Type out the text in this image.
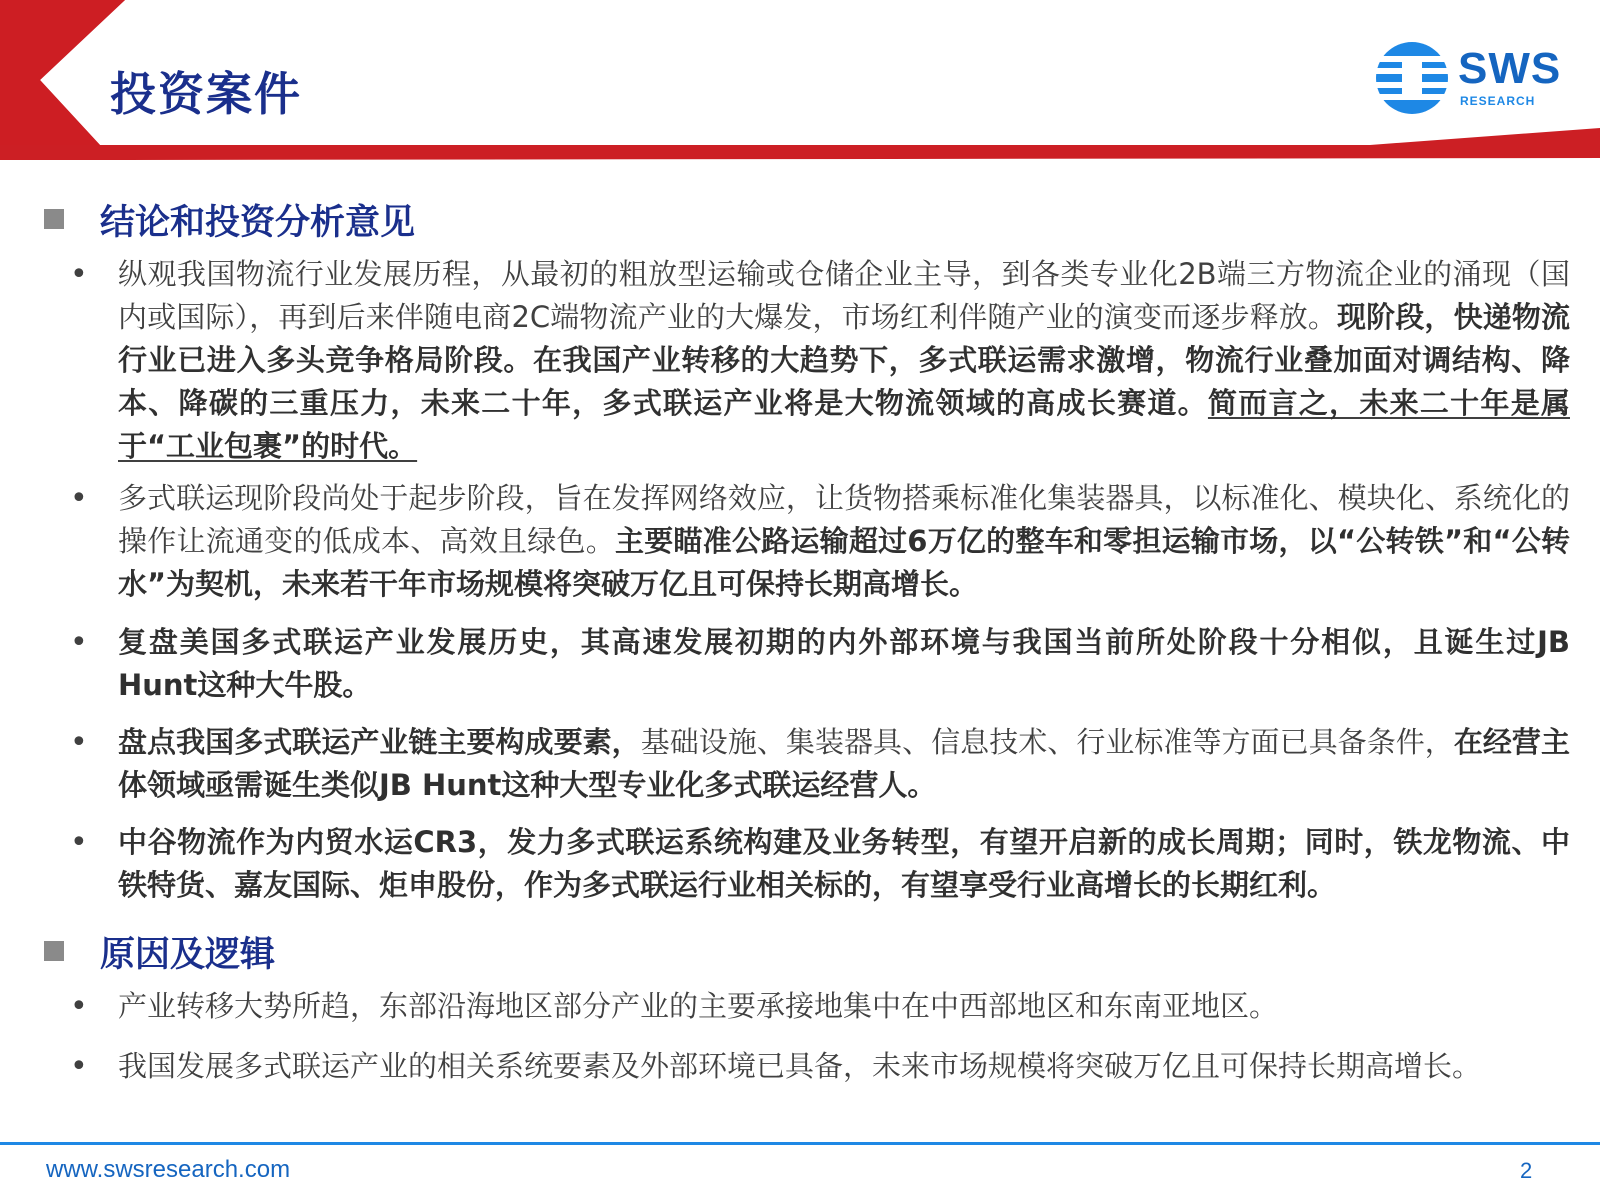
投资案件	SWS
RESEARCH
结论和投资分析意见
• 纵观我国物流行业发展历程，从最初的粗放型运输或仓储企业主导，到各类专业化2B端三方物流企业的涌现（国内或国际），再到后来伴随电商2C端物流产业的大爆发，市场红利伴随产业的演变而逐步释放。现阶段，快递物流行业已进入多头竞争格局阶段。在我国产业转移的大趋势下，多式联运需求激增，物流行业叠加面对调结构、降本、降碳的三重压力，未来二十年，多式联运产业将是大物流领域的高成长赛道。简而言之，未来二十年是属于“工业包裹”的时代。
• 多式联运现阶段尚处于起步阶段，旨在发挥网络效应，让货物搭乘标准化集装器具，以标准化、模块化、系统化的操作让流通变的低成本、高效且绿色。主要瞄准公路运输超过6万亿的整车和零担运输市场，以“公转铁”和“公转水”为契机，未来若干年市场规模将突破万亿且可保持长期高增长。
• 复盘美国多式联运产业发展历史，其高速发展初期的内外部环境与我国当前所处阶段十分相似，且诞生过JB Hunt这种大牛股。
• 盘点我国多式联运产业链主要构成要素，基础设施、集装器具、信息技术、行业标准等方面已具备条件，在经营主体领域亟需诞生类似JB Hunt这种大型专业化多式联运经营人。
• 中谷物流作为内贸水运CR3，发力多式联运系统构建及业务转型，有望开启新的成长周期；同时，铁龙物流、中铁特货、嘉友国际、炬申股份，作为多式联运行业相关标的，有望享受行业高增长的长期红利。
原因及逻辑
• 产业转移大势所趋，东部沿海地区部分产业的主要承接地集中在中西部地区和东南亚地区。
• 我国发展多式联运产业的相关系统要素及外部环境已具备，未来市场规模将突破万亿且可保持长期高增长。
www.swsresearch.com	2
